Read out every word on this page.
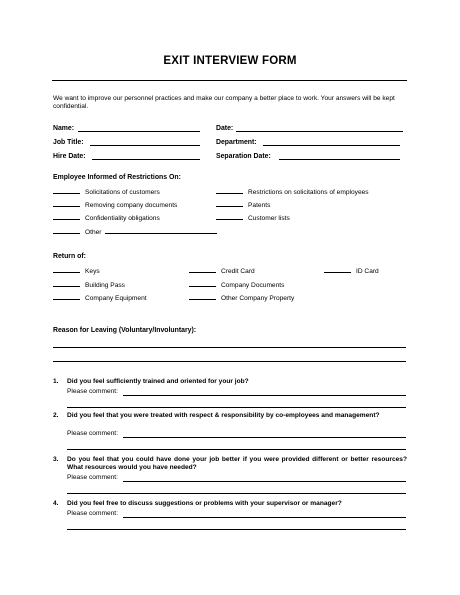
EXIT INTERVIEW FORM
We want to improve our personnel practices and make our company a better place to work. Your answers will be kept confidential.
Name:	Date:
Job Title:	Department:
Hire Date:	Separation Date:
Employee Informed of Restrictions On:
Solicitations of customers	Restrictions on solicitations of employees
Removing company documents	Patents
Confidentiality obligations	Customer lists
Other
Return of:
Keys	Credit Card	ID Card
Building Pass	Company Documents
Company Equipment	Other Company Property
Reason for Leaving (Voluntary/Involuntary):
1. Did you feel sufficiently trained and oriented for your job?
Please comment:
2. Did you feel that you were treated with respect & responsibility by co-employees and management?
Please comment:
3. Do you feel that you could have done your job better if you were provided different or better resources? What resources would you have needed?
Please comment:
4. Did you feel free to discuss suggestions or problems with your supervisor or manager?
Please comment:
